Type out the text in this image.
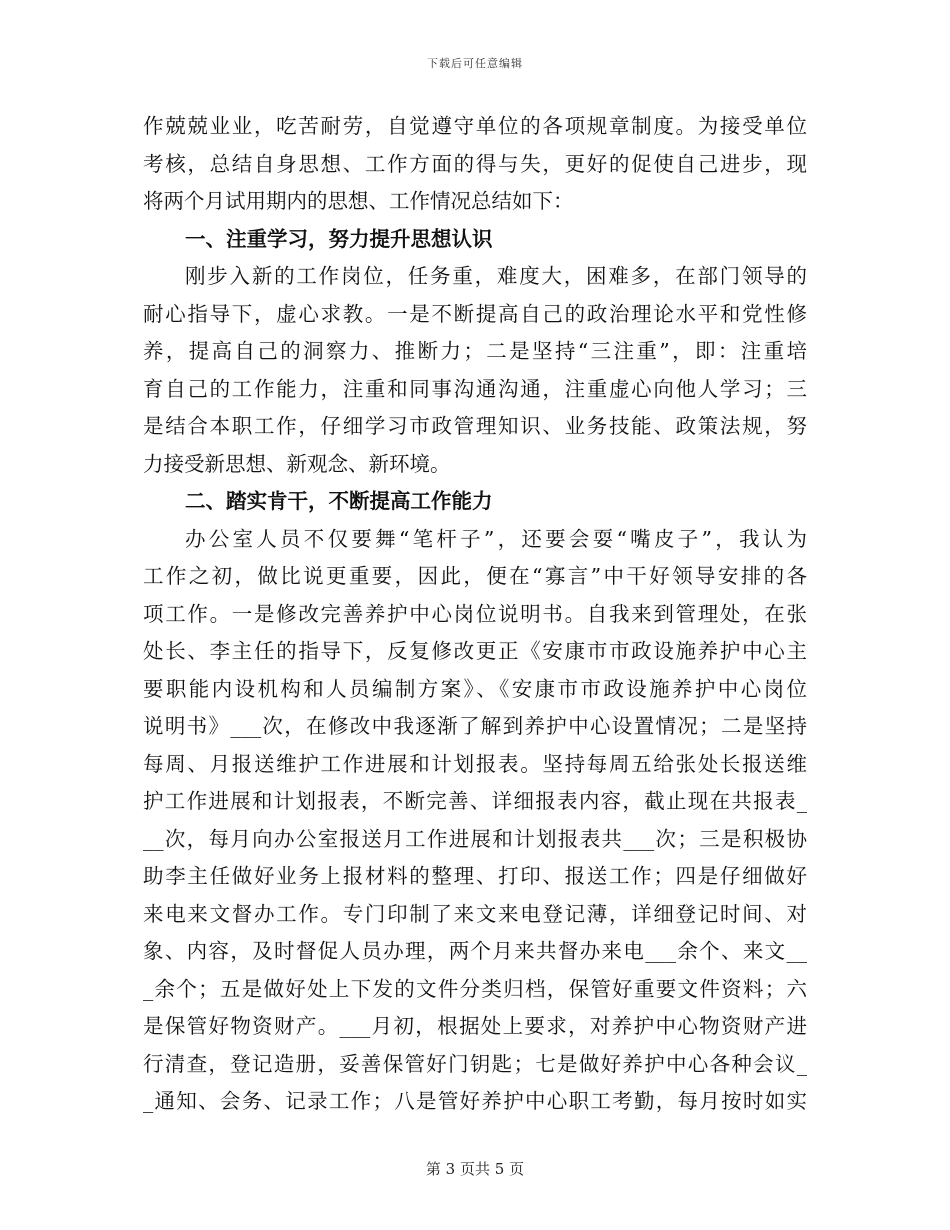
下载后可任意编辑
作兢兢业业，吃苦耐劳，自觉遵守单位的各项规章制度。为接受单位
考核，总结自身思想、工作方面的得与失，更好的促使自己进步，现
将两个月试用期内的思想、工作情况总结如下：
一、注重学习，努力提升思想认识
刚步入新的工作岗位，任务重，难度大，困难多，在部门领导的
耐心指导下，虚心求教。一是不断提高自己的政治理论水平和党性修
养，提高自己的洞察力、推断力；二是坚持“三注重”，即：注重培
育自己的工作能力，注重和同事沟通沟通，注重虚心向他人学习；三
是结合本职工作，仔细学习市政管理知识、业务技能、政策法规，努
力接受新思想、新观念、新环境。
二、踏实肯干，不断提高工作能力
办公室人员不仅要舞“笔杆子”，还要会耍“嘴皮子”，我认为
工作之初，做比说更重要，因此，便在“寡言”中干好领导安排的各
项工作。一是修改完善养护中心岗位说明书。自我来到管理处，在张
处长、李主任的指导下，反复修改更正《安康市市政设施养护中心主
要职能内设机构和人员编制方案》、《安康市市政设施养护中心岗位
说明书》___次，在修改中我逐渐了解到养护中心设置情况；二是坚持
每周、月报送维护工作进展和计划报表。坚持每周五给张处长报送维
护工作进展和计划报表，不断完善、详细报表内容，截止现在共报表_
__次，每月向办公室报送月工作进展和计划报表共___次；三是积极协
助李主任做好业务上报材料的整理、打印、报送工作；四是仔细做好
来电来文督办工作。专门印制了来文来电登记薄，详细登记时间、对
象、内容，及时督促人员办理，两个月来共督办来电___余个、来文__
_余个；五是做好处上下发的文件分类归档，保管好重要文件资料；六
是保管好物资财产。___月初，根据处上要求，对养护中心物资财产进
行清查，登记造册，妥善保管好门钥匙；七是做好养护中心各种会议_
_通知、会务、记录工作；八是管好养护中心职工考勤，每月按时如实
第 3 页共 5 页
